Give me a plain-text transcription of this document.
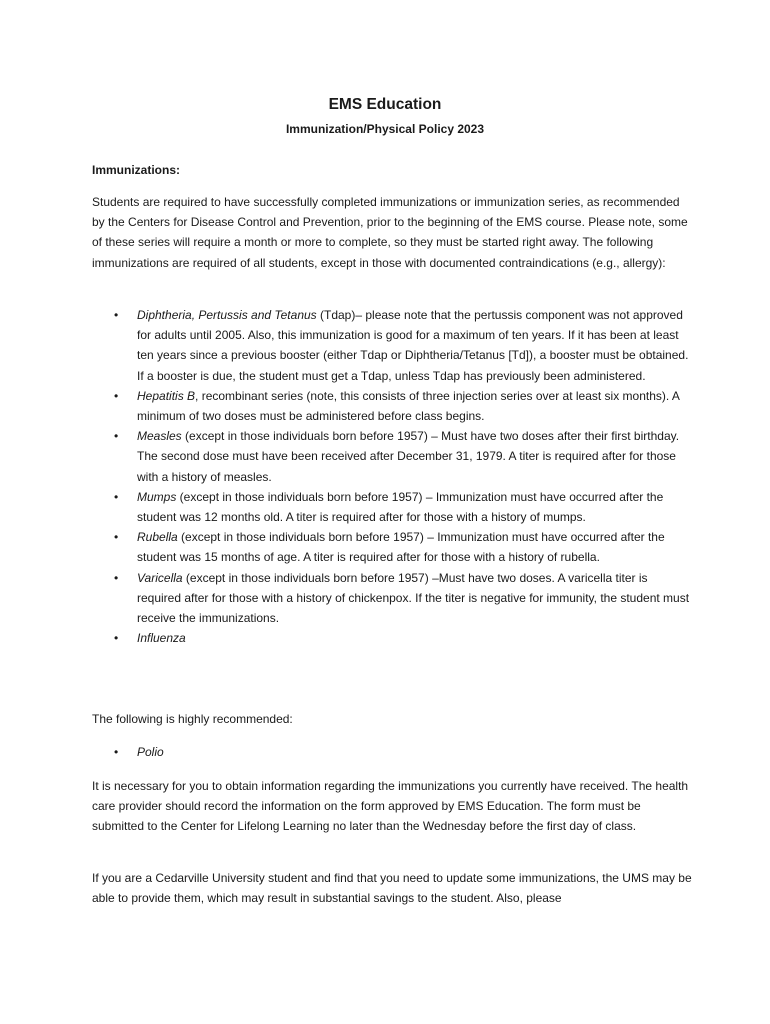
EMS Education
Immunization/Physical Policy 2023
Immunizations:
Students are required to have successfully completed immunizations or immunization series, as recommended by the Centers for Disease Control and Prevention, prior to the beginning of the EMS course. Please note, some of these series will require a month or more to complete, so they must be started right away. The following immunizations are required of all students, except in those with documented contraindications (e.g., allergy):
• Diphtheria, Pertussis and Tetanus (Tdap)– please note that the pertussis component was not approved for adults until 2005. Also, this immunization is good for a maximum of ten years. If it has been at least ten years since a previous booster (either Tdap or Diphtheria/Tetanus [Td]), a booster must be obtained. If a booster is due, the student must get a Tdap, unless Tdap has previously been administered.
• Hepatitis B, recombinant series (note, this consists of three injection series over at least six months). A minimum of two doses must be administered before class begins.
• Measles (except in those individuals born before 1957) – Must have two doses after their first birthday. The second dose must have been received after December 31, 1979. A titer is required after for those with a history of measles.
• Mumps (except in those individuals born before 1957) – Immunization must have occurred after the student was 12 months old. A titer is required after for those with a history of mumps.
• Rubella (except in those individuals born before 1957) – Immunization must have occurred after the student was 15 months of age. A titer is required after for those with a history of rubella.
• Varicella (except in those individuals born before 1957) –Must have two doses. A varicella titer is required after for those with a history of chickenpox. If the titer is negative for immunity, the student must receive the immunizations.
• Influenza
The following is highly recommended:
• Polio
It is necessary for you to obtain information regarding the immunizations you currently have received. The health care provider should record the information on the form approved by EMS Education. The form must be submitted to the Center for Lifelong Learning no later than the Wednesday before the first day of class.
If you are a Cedarville University student and find that you need to update some immunizations, the UMS may be able to provide them, which may result in substantial savings to the student. Also, please
